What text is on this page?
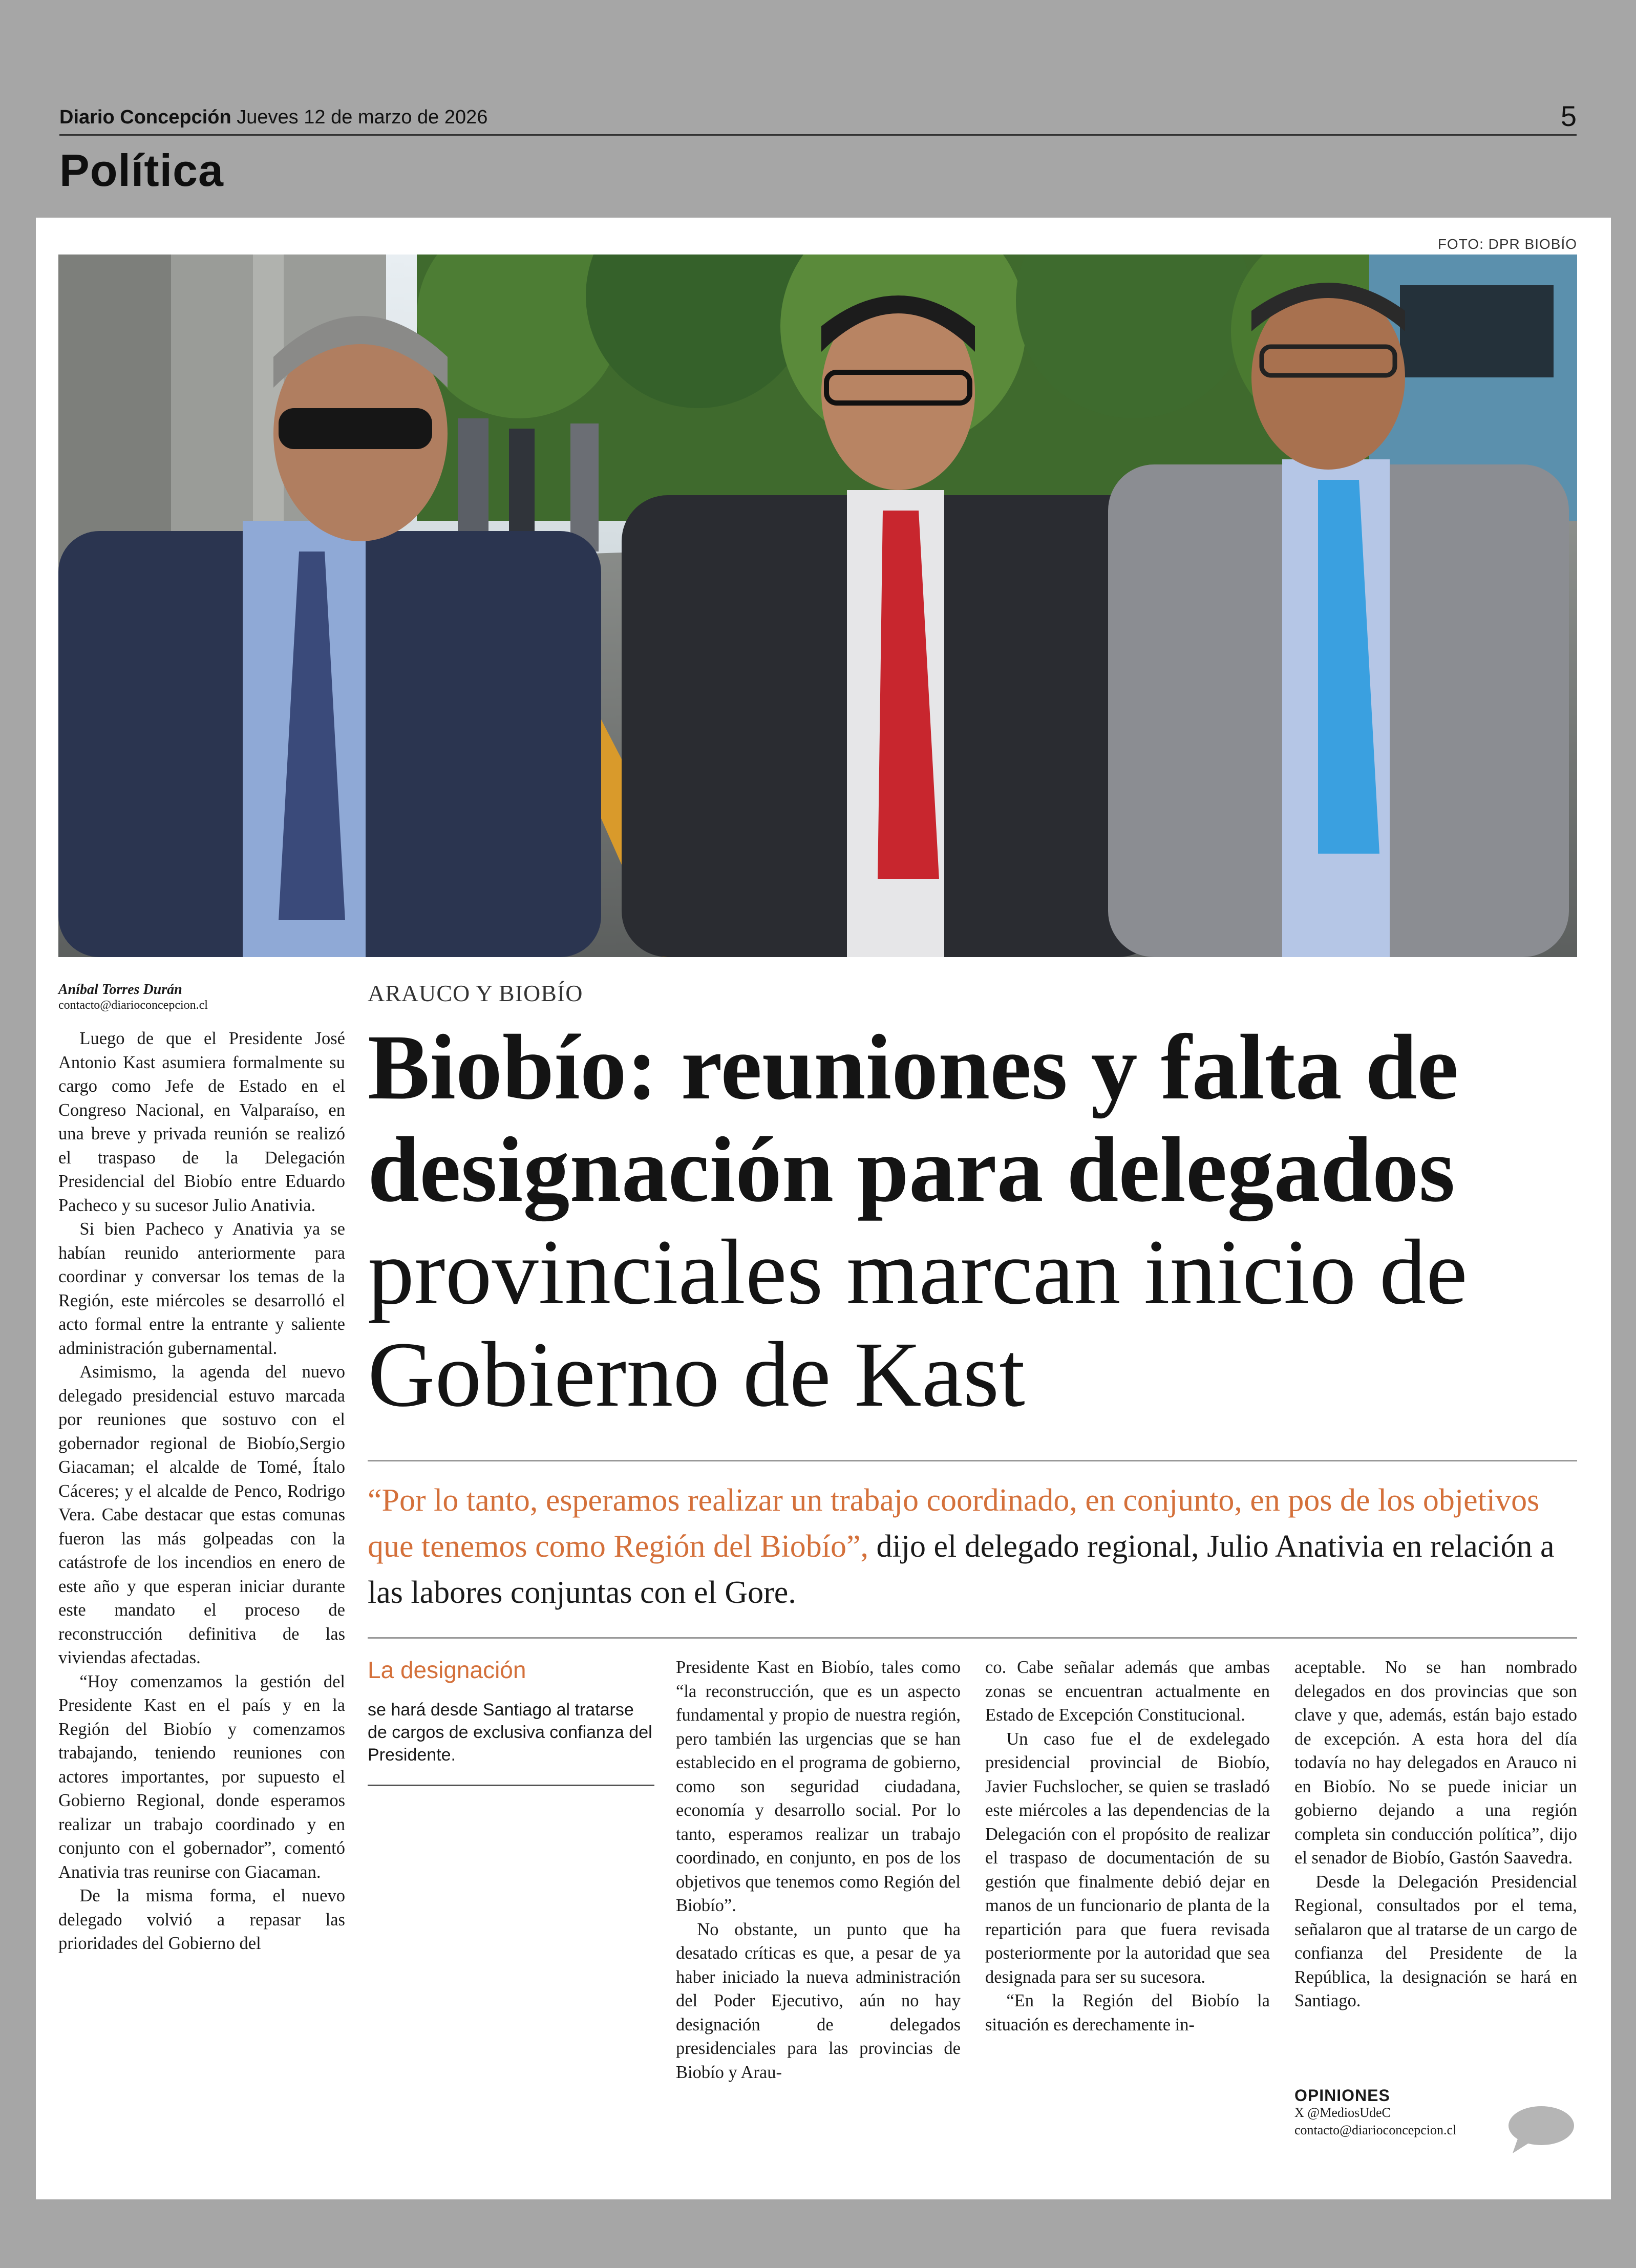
Diario Concepción Jueves 12 de marzo de 2026	5
Política
FOTO: DPR BIOBÍO
Aníbal Torres Durán
contacto@diarioconcepcion.cl

Luego de que el Presidente José Antonio Kast asumiera formalmente su cargo como Jefe de Estado en el Congreso Nacional, en Valparaíso, en una breve y privada reunión se realizó el traspaso de la Delegación Presidencial del Biobío entre Eduardo Pacheco y su sucesor Julio Anativia.

Si bien Pacheco y Anativia ya se habían reunido anteriormente para coordinar y conversar los temas de la Región, este miércoles se desarrolló el acto formal entre la entrante y saliente administración gubernamental.

Asimismo, la agenda del nuevo delegado presidencial estuvo marcada por reuniones que sostuvo con el gobernador regional de Biobío,Sergio Giacaman; el alcalde de Tomé, Ítalo Cáceres; y el alcalde de Penco, Rodrigo Vera. Cabe destacar que estas comunas fueron las más golpeadas con la catástrofe de los incendios en enero de este año y que esperan iniciar durante este mandato el proceso de reconstrucción definitiva de las viviendas afectadas.

“Hoy comenzamos la gestión del Presidente Kast en el país y en la Región del Biobío y comenzamos trabajando, teniendo reuniones con actores importantes, por supuesto el Gobierno Regional, donde esperamos realizar un trabajo coordinado y en conjunto con el gobernador”, comentó Anativia tras reunirse con Giacaman.

De la misma forma, el nuevo delegado volvió a repasar las prioridades del Gobierno del

ARAUCO Y BIOBÍO
Biobío: reuniones y falta de
designación para delegados
provinciales marcan inicio de
Gobierno de Kast
“Por lo tanto, esperamos realizar un trabajo coordinado, en conjunto, en pos de los objetivos que tenemos como Región del Biobío”, dijo el delegado regional, Julio Anativia en relación a las labores conjuntas con el Gore.
La designación
se hará desde Santiago al tratarse de cargos de exclusiva confianza del Presidente.

Presidente Kast en Biobío, tales como “la reconstrucción, que es un aspecto fundamental y propio de nuestra región, pero también las urgencias que se han establecido en el programa de gobierno, como son seguridad ciudadana, economía y desarrollo social. Por lo tanto, esperamos realizar un trabajo coordinado, en conjunto, en pos de los objetivos que tenemos como Región del Biobío”.

No obstante, un punto que ha desatado críticas es que, a pesar de ya haber iniciado la nueva administración del Poder Ejecutivo, aún no hay designación de delegados presidenciales para las provincias de Biobío y Arau-

co. Cabe señalar además que ambas zonas se encuentran actualmente en Estado de Excepción Constitucional.

Un caso fue el de exdelegado presidencial provincial de Biobío, Javier Fuchslocher, se quien se trasladó este miércoles a las dependencias de la Delegación con el propósito de realizar el traspaso de documentación de su gestión que finalmente debió dejar en manos de un funcionario de planta de la repartición para que fuera revisada posteriormente por la autoridad que sea designada para ser su sucesora.

“En la Región del Biobío la situación es derechamente in-

aceptable. No se han nombrado delegados en dos provincias que son clave y que, además, están bajo estado de excepción. A esta hora del día todavía no hay delegados en Arauco ni en Biobío. No se puede iniciar un gobierno dejando a una región completa sin conducción política”, dijo el senador de Biobío, Gastón Saavedra.

Desde la Delegación Presidencial Regional, consultados por el tema, señalaron que al tratarse de un cargo de confianza del Presidente de la República, la designación se hará en Santiago.

OPINIONES
X @MediosUdeC
contacto@diarioconcepcion.cl
